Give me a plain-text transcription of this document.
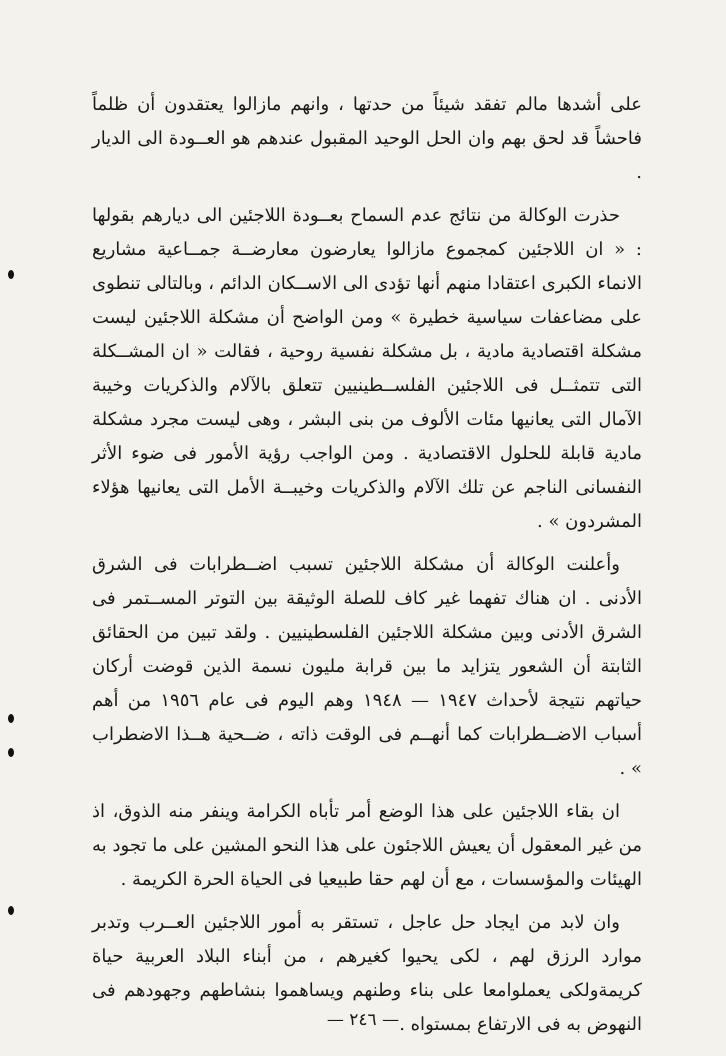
على أشدها مالم تفقد شيئاً من حدتها ، وانهم مازالوا يعتقدون أن ظلماً فاحشاً قد لحق بهم وان الحل الوحيد المقبول عندهم هو العــودة الى الديار .

حذرت الوكالة من نتائج عدم السماح بعــودة اللاجئين الى ديارهم بقولها : « ان اللاجئين كمجموع مازالوا يعارضون معارضــة جمــاعية مشاريع الانماء الكبرى اعتقادا منهم أنها تؤدى الى الاســكان الدائم ، وبالتالى تنطوى على مضاعفات سياسية خطيرة » ومن الواضح أن مشكلة اللاجئين ليست مشكلة اقتصادية مادية ، بل مشكلة نفسية روحية ، فقالت « ان المشــكلة التى تتمثــل فى اللاجئين الفلســطينيين تتعلق بالآلام والذكريات وخيبة الآمال التى يعانيها مئات الألوف من بنى البشر ، وهى ليست مجرد مشكلة مادية قابلة للحلول الاقتصادية . ومن الواجب رؤية الأمور فى ضوء الأثر النفسانى الناجم عن تلك الآلام والذكريات وخيبــة الأمل التى يعانيها هؤلاء المشردون » .

وأعلنت الوكالة أن مشكلة اللاجئين تسبب اضــطرابات فى الشرق الأدنى . ان هناك تفهما غير كاف للصلة الوثيقة بين التوتر المســتمر فى الشرق الأدنى وبين مشكلة اللاجئين الفلسطينيين . ولقد تبين من الحقائق الثابتة أن الشعور يتزايد ما بين قرابة مليون نسمة الذين قوضت أركان حياتهم نتيجة لأحداث ١٩٤٧ — ١٩٤٨ وهم اليوم فى عام ١٩٥٦ من أهم أسباب الاضــطرابات كما أنهــم فى الوقت ذاته ، ضــحية هــذا الاضطراب » .

ان بقاء اللاجئين على هذا الوضع أمر تأباه الكرامة وينفر منه الذوق، اذ من غير المعقول أن يعيش اللاجئون على هذا النحو المشين على ما تجود به الهيئات والمؤسسات ، مع أن لهم حقا طبيعيا فى الحياة الحرة الكريمة .

وان لابد من ايجاد حل عاجل ، تستقر به أمور اللاجئين العــرب وتدبر موارد الرزق لهم ، لكى يحيوا كغيرهم ، من أبناء البلاد العربية حياة كريمةولكى يعملوامعا على بناء وطنهم ويساهموا بنشاطهم وجهودهم فى النهوض به فى الارتفاع بمستواه .

— ٢٤٦ —
